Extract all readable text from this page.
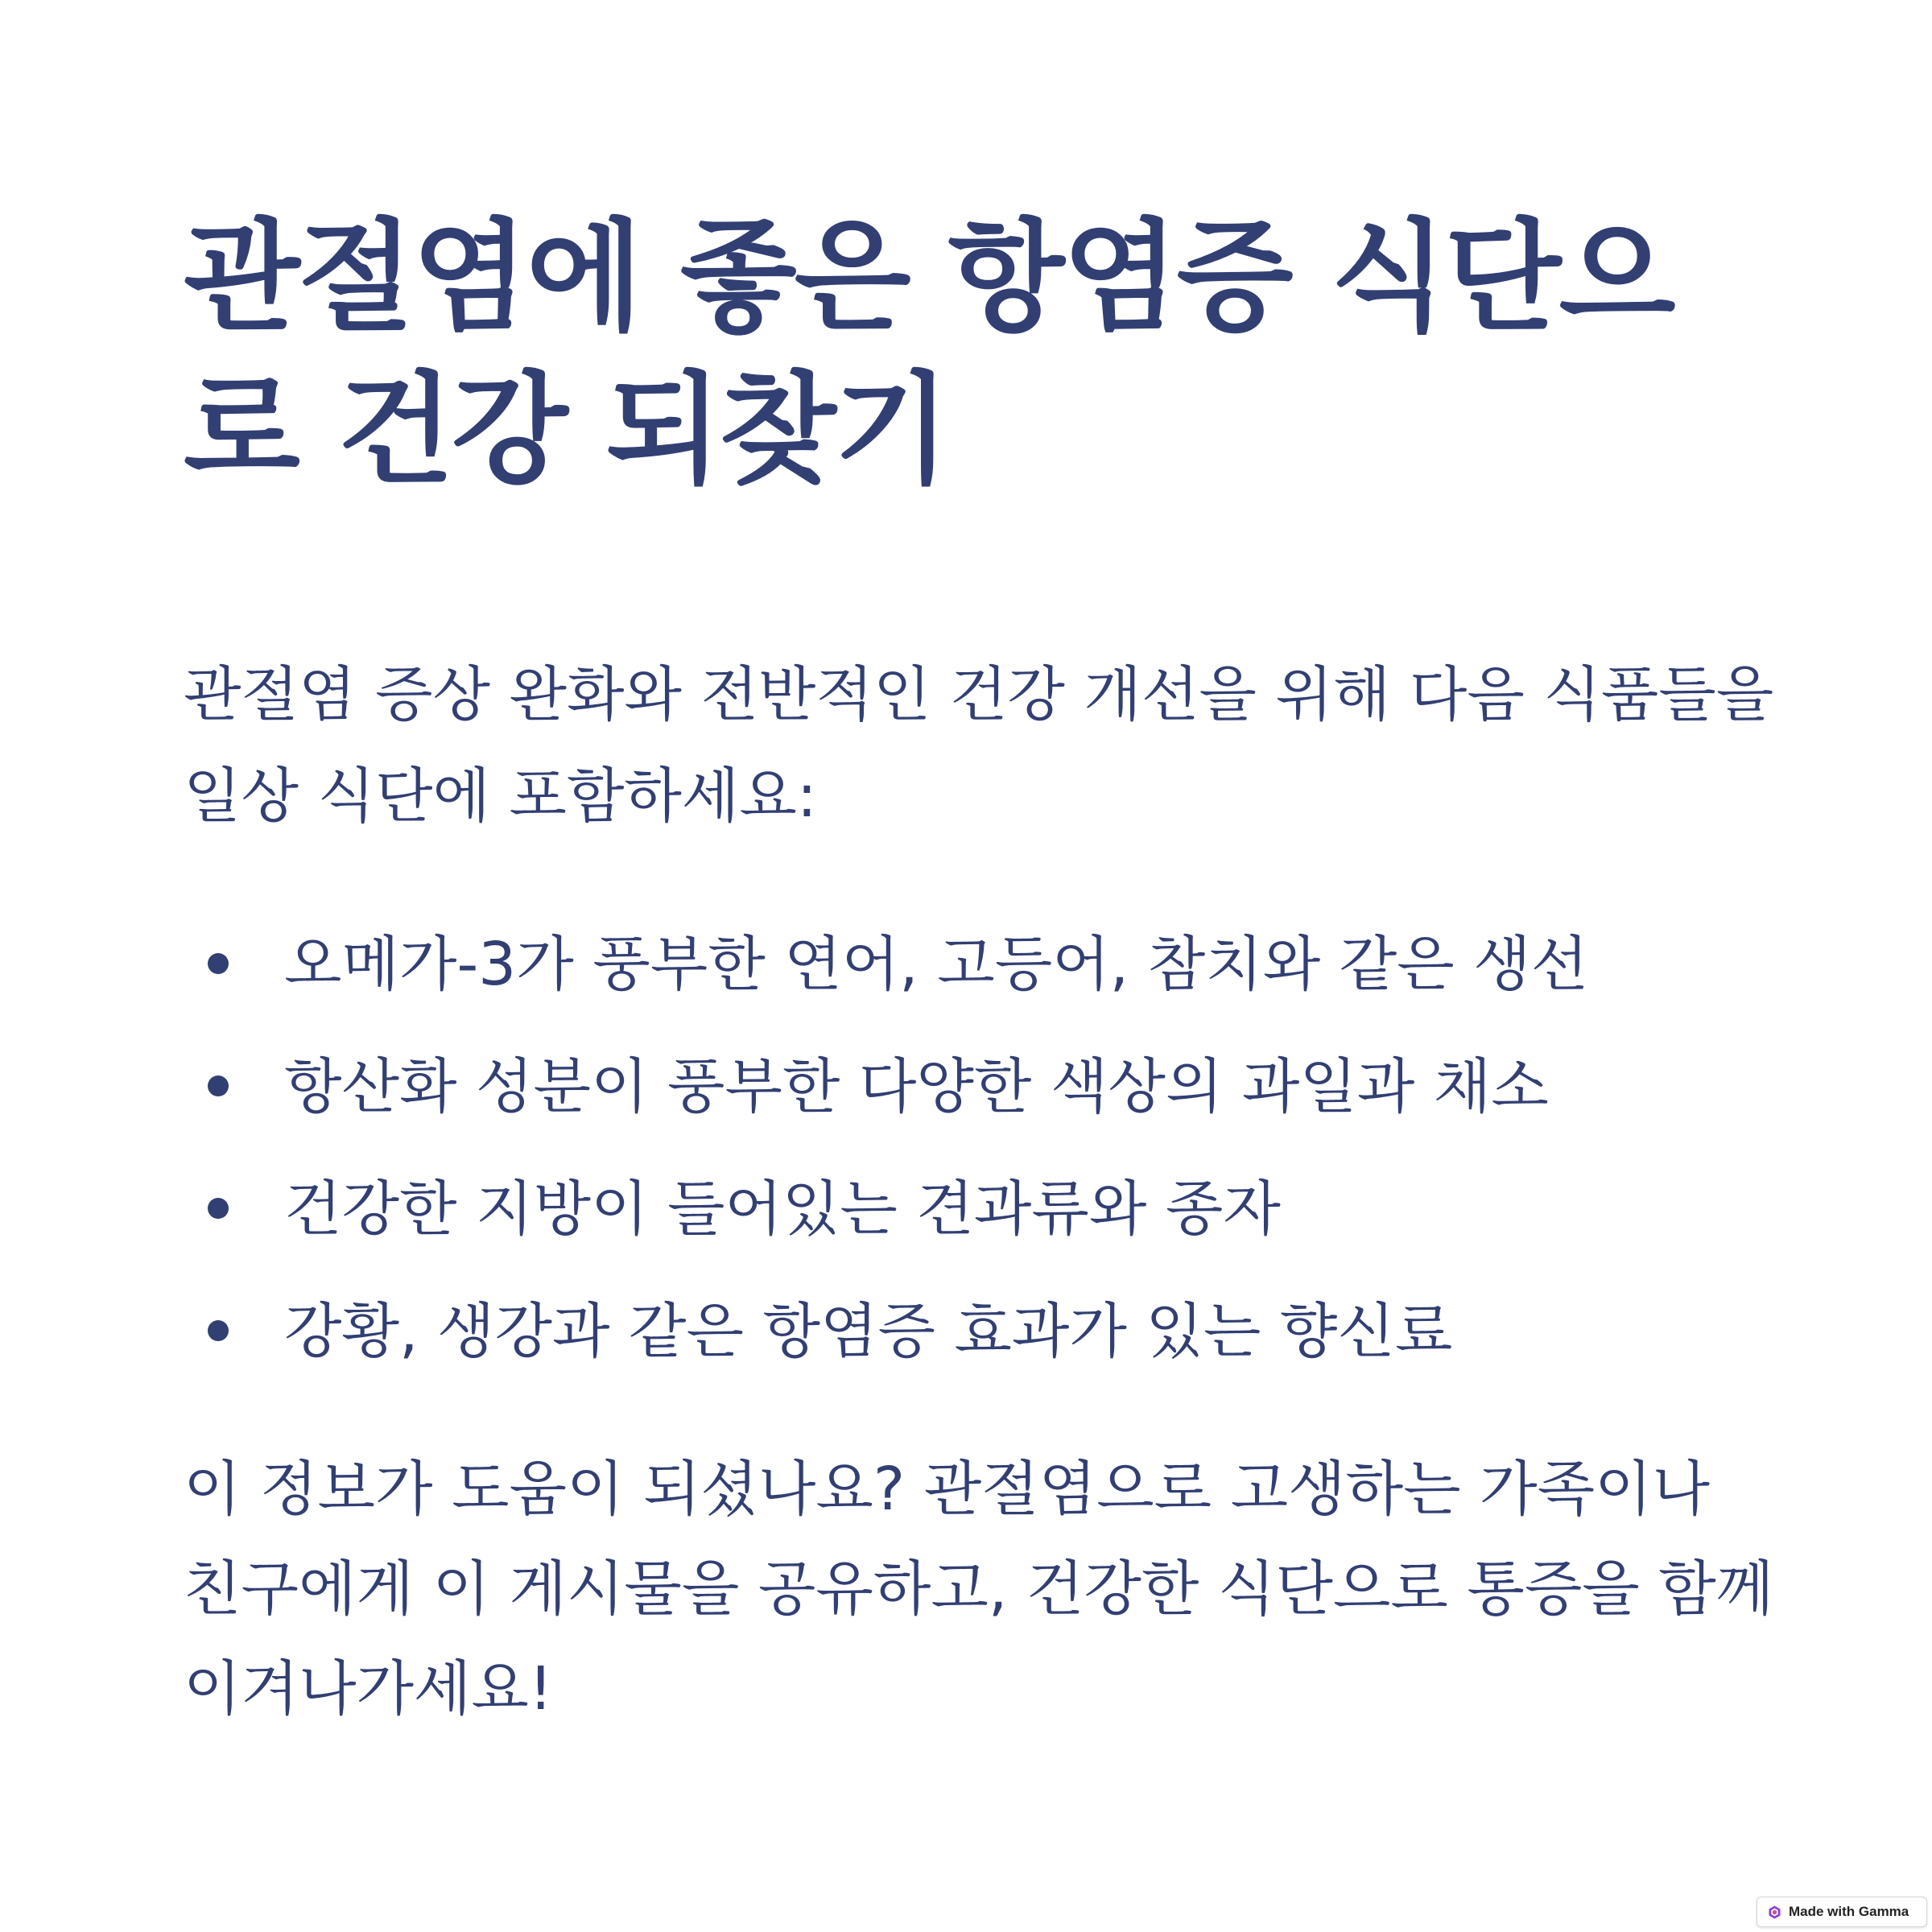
관절염에 좋은 항염증 식단으로 건강 되찾기

관절염 증상 완화와 전반적인 건강 개선을 위해 다음 식품들을 일상 식단에 포함하세요:

오메가-3가 풍부한 연어, 고등어, 참치와 같은 생선
항산화 성분이 풍부한 다양한 색상의 과일과 채소
건강한 지방이 들어있는 견과류와 종자
강황, 생강과 같은 항염증 효과가 있는 향신료

이 정보가 도움이 되셨나요? 관절염으로 고생하는 가족이나 친구에게 이 게시물을 공유하고, 건강한 식단으로 통증을 함께 이겨나가세요!

Made with Gamma
